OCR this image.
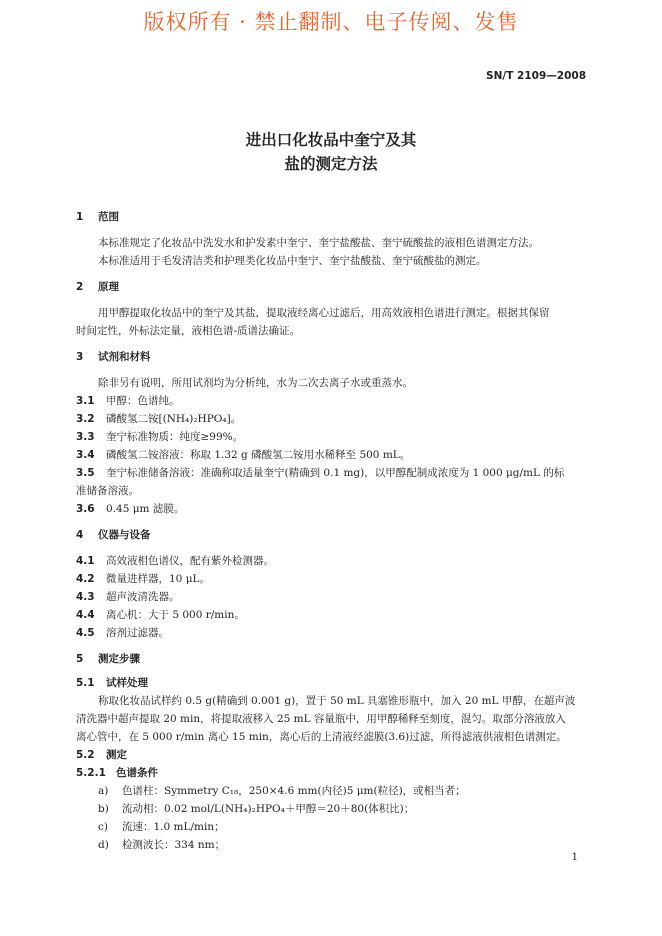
版权所有 · 禁止翻制、电子传阅、发售
SN/T 2109—2008
进出口化妆品中奎宁及其
盐的测定方法
1 范围
本标准规定了化妆品中洗发水和护发素中奎宁、奎宁盐酸盐、奎宁硫酸盐的液相色谱测定方法。
本标准适用于毛发清洁类和护理类化妆品中奎宁、奎宁盐酸盐、奎宁硫酸盐的测定。
2 原理
用甲醇提取化妆品中的奎宁及其盐，提取液经离心过滤后，用高效液相色谱进行测定。根据其保留
时间定性，外标法定量，液相色谱-质谱法确证。
3 试剂和材料
除非另有说明，所用试剂均为分析纯，水为二次去离子水或重蒸水。
3.1 甲醇：色谱纯。
3.2 磷酸氢二铵[(NH₄)₂HPO₄]。
3.3 奎宁标准物质：纯度≥99%。
3.4 磷酸氢二铵溶液：称取 1.32 g 磷酸氢二铵用水稀释至 500 mL。
3.5 奎宁标准储备溶液：准确称取适量奎宁(精确到 0.1 mg)，以甲醇配制成浓度为 1 000 μg/mL 的标
准储备溶液。
3.6 0.45 μm 滤膜。
4 仪器与设备
4.1 高效液相色谱仪，配有紫外检测器。
4.2 微量进样器，10 μL。
4.3 超声波清洗器。
4.4 离心机：大于 5 000 r/min。
4.5 溶剂过滤器。
5 测定步骤
5.1 试样处理
称取化妆品试样约 0.5 g(精确到 0.001 g)，置于 50 mL 具塞锥形瓶中，加入 20 mL 甲醇，在超声波
清洗器中超声提取 20 min，将提取液移入 25 mL 容量瓶中，用甲醇稀释至刻度，混匀。取部分溶液放入
离心管中，在 5 000 r/min 离心 15 min，离心后的上清液经滤膜(3.6)过滤，所得滤液供液相色谱测定。
5.2 测定
5.2.1 色谱条件
a) 色谱柱：Symmetry C₁₈，250×4.6 mm(内径)5 μm(粒径)，或相当者；
b) 流动相：0.02 mol/L(NH₄)₂HPO₄＋甲醇＝20＋80(体积比)；
c) 流速：1.0 mL/min；
d) 检测波长：334 nm；
1
